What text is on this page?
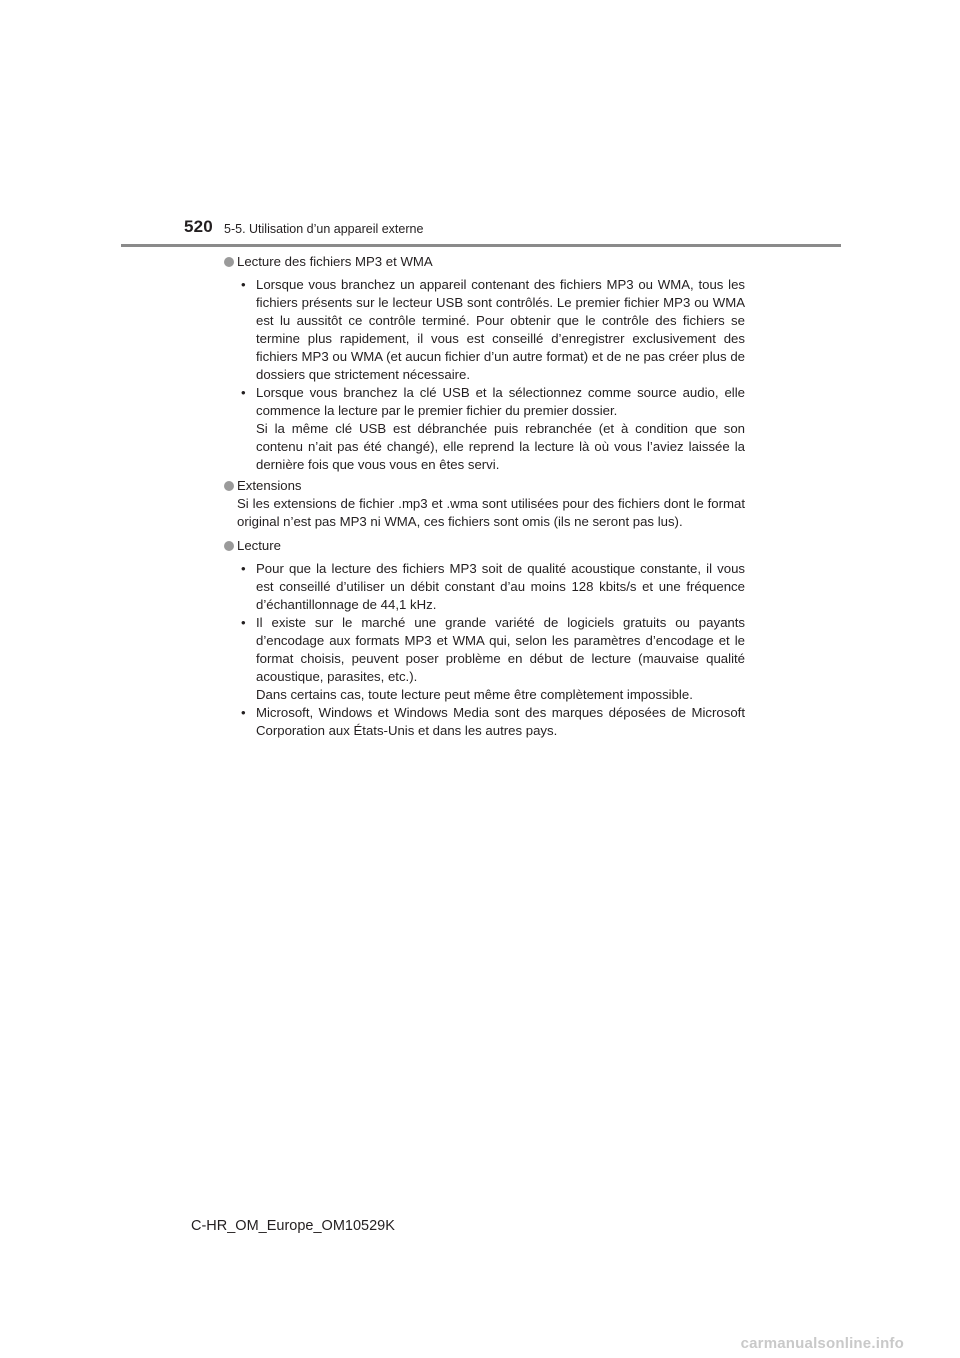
520 5-5. Utilisation d’un appareil externe
Lecture des fichiers MP3 et WMA
• Lorsque vous branchez un appareil contenant des fichiers MP3 ou WMA, tous les fichiers présents sur le lecteur USB sont contrôlés. Le premier fichier MP3 ou WMA est lu aussitôt ce contrôle terminé. Pour obtenir que le contrôle des fichiers se termine plus rapidement, il vous est conseillé d’enregistrer exclusivement des fichiers MP3 ou WMA (et aucun fichier d’un autre format) et de ne pas créer plus de dossiers que strictement nécessaire.
• Lorsque vous branchez la clé USB et la sélectionnez comme source audio, elle commence la lecture par le premier fichier du premier dossier.
Si la même clé USB est débranchée puis rebranchée (et à condition que son contenu n’ait pas été changé), elle reprend la lecture là où vous l’aviez laissée la dernière fois que vous vous en êtes servi.
Extensions
Si les extensions de fichier .mp3 et .wma sont utilisées pour des fichiers dont le format original n’est pas MP3 ni WMA, ces fichiers sont omis (ils ne seront pas lus).
Lecture
• Pour que la lecture des fichiers MP3 soit de qualité acoustique constante, il vous est conseillé d’utiliser un débit constant d’au moins 128 kbits/s et une fréquence d’échantillonnage de 44,1 kHz.
• Il existe sur le marché une grande variété de logiciels gratuits ou payants d’encodage aux formats MP3 et WMA qui, selon les paramètres d’encodage et le format choisis, peuvent poser problème en début de lecture (mauvaise qualité acoustique, parasites, etc.).
Dans certains cas, toute lecture peut même être complètement impossible.
• Microsoft, Windows et Windows Media sont des marques déposées de Microsoft Corporation aux États-Unis et dans les autres pays.
C-HR_OM_Europe_OM10529K
carmanualsonline.info
